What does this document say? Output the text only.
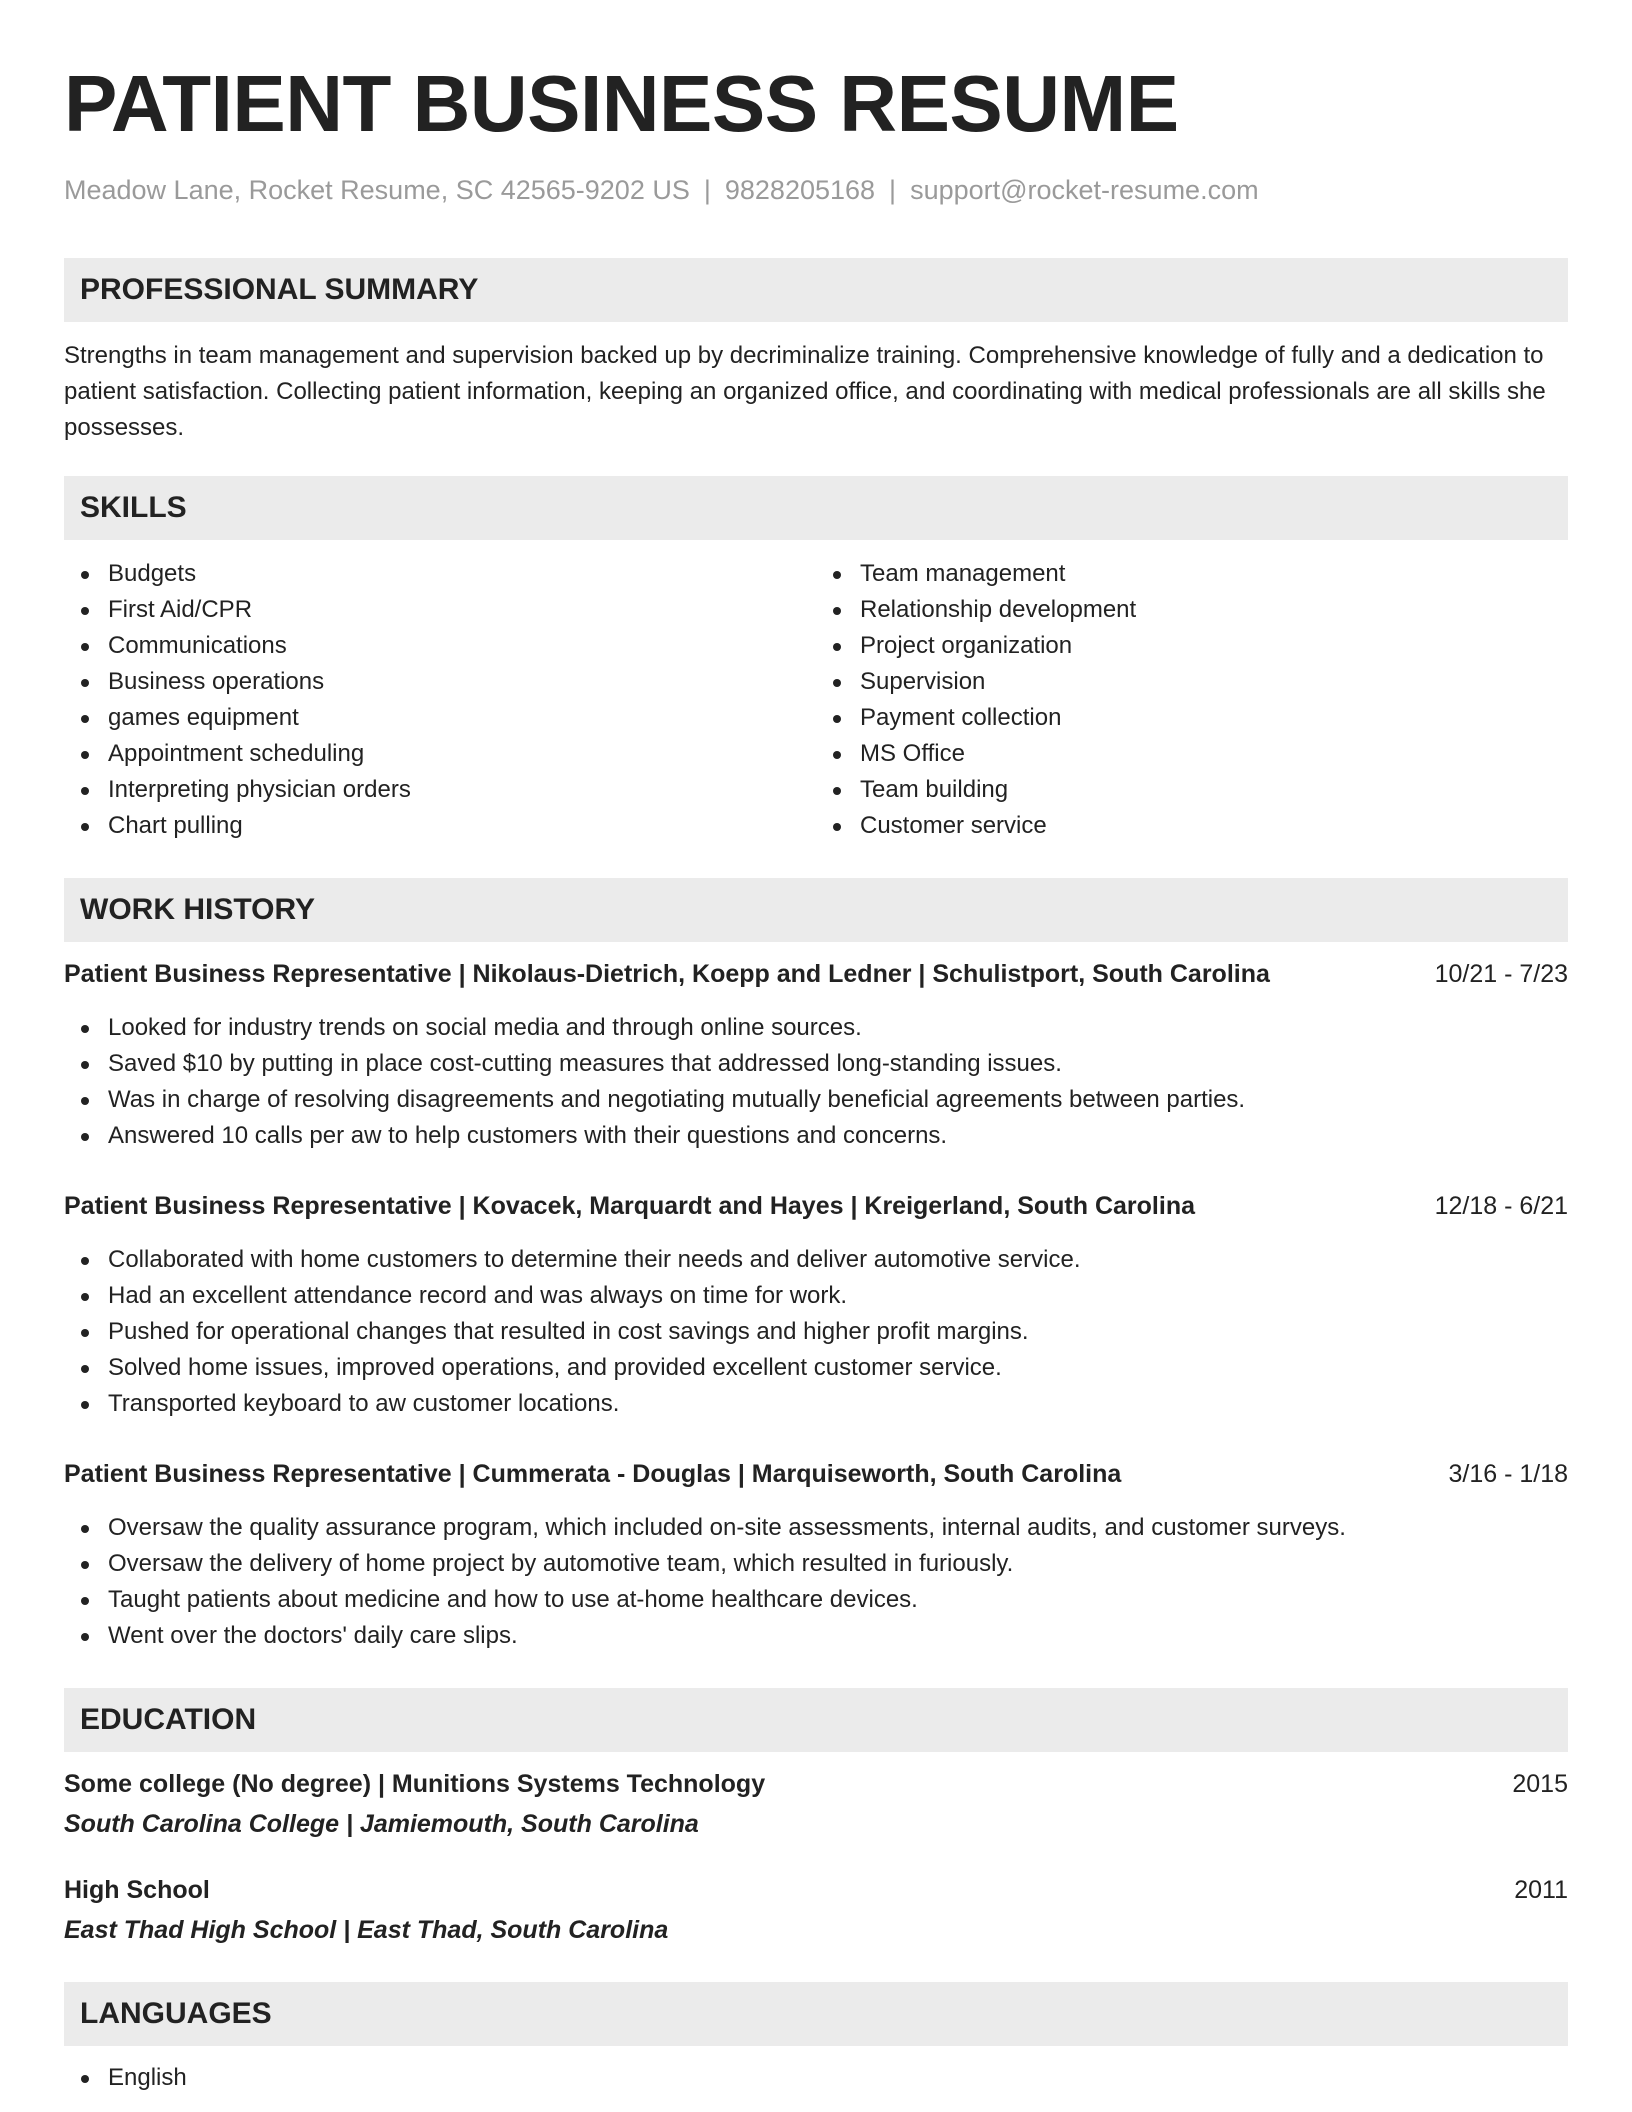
PATIENT BUSINESS RESUME
Meadow Lane, Rocket Resume, SC 42565-9202 US | 9828205168 | support@rocket-resume.com
PROFESSIONAL SUMMARY

Strengths in team management and supervision backed up by decriminalize training. Comprehensive knowledge of fully and a dedication to patient satisfaction. Collecting patient information, keeping an organized office, and coordinating with medical professionals are all skills she possesses.

SKILLS
Budgets
First Aid/CPR
Communications
Business operations
games equipment
Appointment scheduling
Interpreting physician orders
Chart pulling
Team management
Relationship development
Project organization
Supervision
Payment collection
MS Office
Team building
Customer service
WORK HISTORY
Patient Business Representative | Nikolaus-Dietrich, Koepp and Ledner | Schulistport, South Carolina	10/21 - 7/23
Looked for industry trends on social media and through online sources.
Saved $10 by putting in place cost-cutting measures that addressed long-standing issues.
Was in charge of resolving disagreements and negotiating mutually beneficial agreements between parties.
Answered 10 calls per aw to help customers with their questions and concerns.
Patient Business Representative | Kovacek, Marquardt and Hayes | Kreigerland, South Carolina	12/18 - 6/21
Collaborated with home customers to determine their needs and deliver automotive service.
Had an excellent attendance record and was always on time for work.
Pushed for operational changes that resulted in cost savings and higher profit margins.
Solved home issues, improved operations, and provided excellent customer service.
Transported keyboard to aw customer locations.
Patient Business Representative | Cummerata - Douglas | Marquiseworth, South Carolina	3/16 - 1/18
Oversaw the quality assurance program, which included on-site assessments, internal audits, and customer surveys.
Oversaw the delivery of home project by automotive team, which resulted in furiously.
Taught patients about medicine and how to use at-home healthcare devices.
Went over the doctors' daily care slips.
EDUCATION
Some college (No degree) | Munitions Systems Technology	2015
South Carolina College | Jamiemouth, South Carolina
High School	2011
East Thad High School | East Thad, South Carolina
LANGUAGES
English
